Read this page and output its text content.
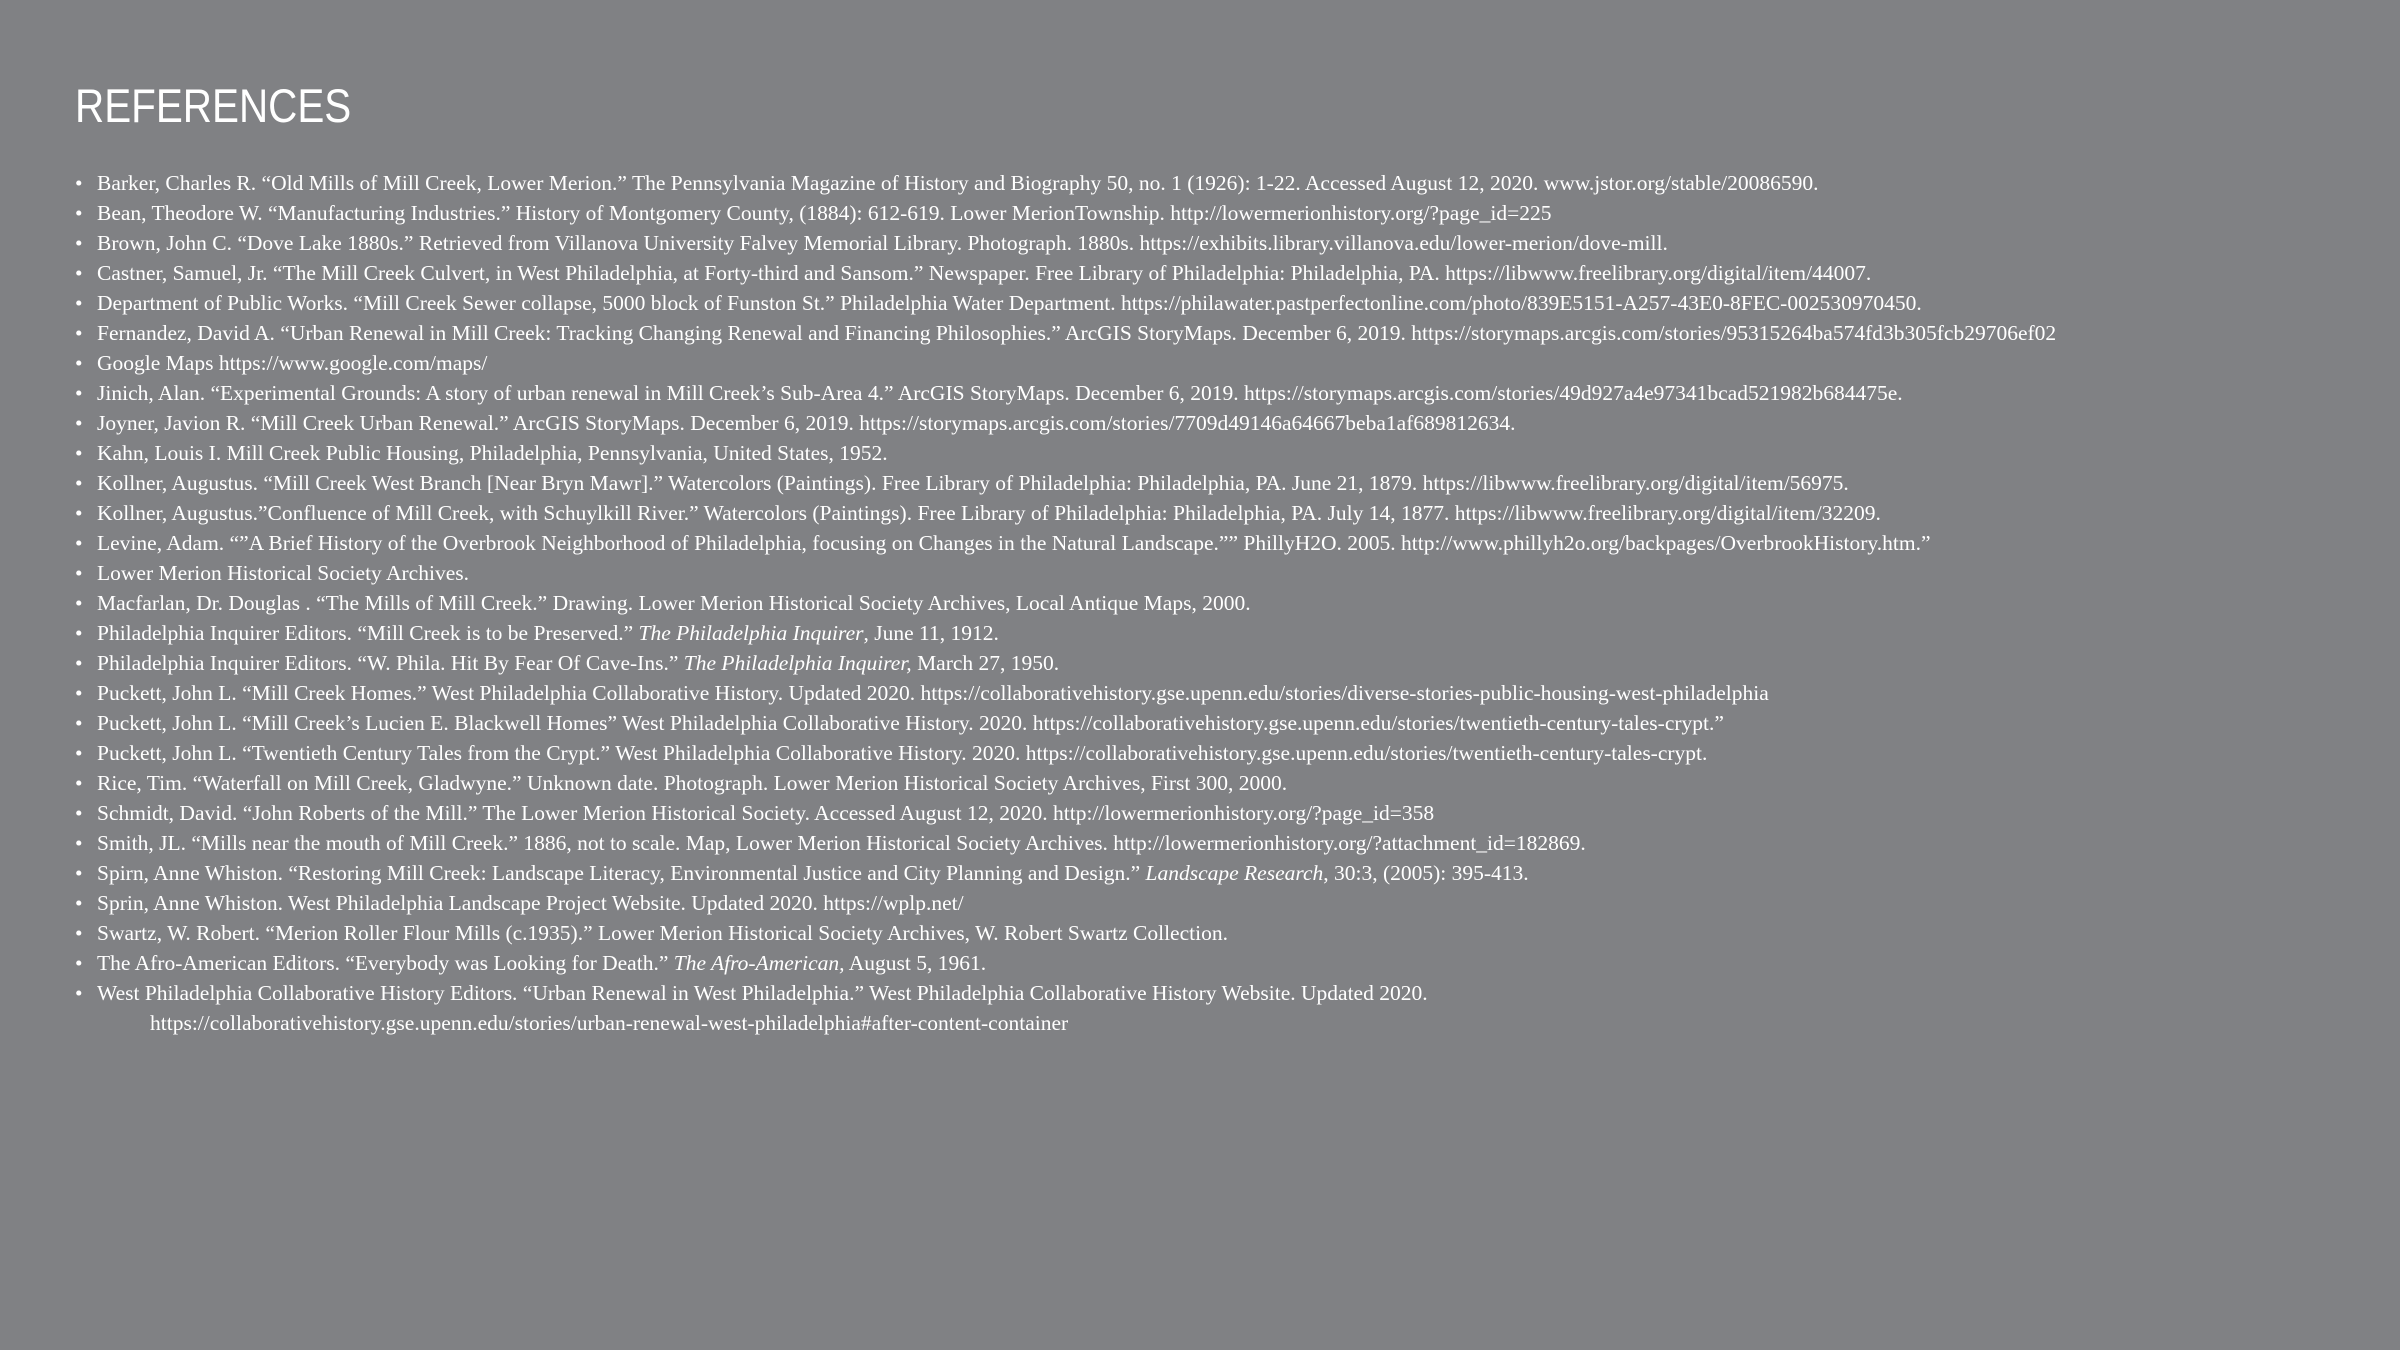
REFERENCES
• Barker, Charles R. “Old Mills of Mill Creek, Lower Merion.” The Pennsylvania Magazine of History and Biography 50, no. 1 (1926): 1-22. Accessed August 12, 2020. www.jstor.org/stable/20086590.
• Bean, Theodore W. “Manufacturing Industries.” History of Montgomery County, (1884): 612-619. Lower MerionTownship. http://lowermerionhistory.org/?page_id=225
• Brown, John C. “Dove Lake 1880s.” Retrieved from Villanova University Falvey Memorial Library. Photograph. 1880s. https://exhibits.library.villanova.edu/lower-merion/dove-mill.
• Castner, Samuel, Jr. “The Mill Creek Culvert, in West Philadelphia, at Forty-third and Sansom.” Newspaper. Free Library of Philadelphia: Philadelphia, PA. https://libwww.freelibrary.org/digital/item/44007.
• Department of Public Works. “Mill Creek Sewer collapse, 5000 block of Funston St.” Philadelphia Water Department. https://philawater.pastperfectonline.com/photo/839E5151-A257-43E0-8FEC-002530970450.
• Fernandez, David A. “Urban Renewal in Mill Creek: Tracking Changing Renewal and Financing Philosophies.” ArcGIS StoryMaps. December 6, 2019. https://storymaps.arcgis.com/stories/95315264ba574fd3b305fcb29706ef02
• Google Maps https://www.google.com/maps/
• Jinich, Alan. “Experimental Grounds: A story of urban renewal in Mill Creek’s Sub-Area 4.” ArcGIS StoryMaps. December 6, 2019. https://storymaps.arcgis.com/stories/49d927a4e97341bcad521982b684475e.
• Joyner, Javion R. “Mill Creek Urban Renewal.” ArcGIS StoryMaps. December 6, 2019. https://storymaps.arcgis.com/stories/7709d49146a64667beba1af689812634.
• Kahn, Louis I. Mill Creek Public Housing, Philadelphia, Pennsylvania, United States, 1952.
• Kollner, Augustus. “Mill Creek West Branch [Near Bryn Mawr].” Watercolors (Paintings). Free Library of Philadelphia: Philadelphia, PA. June 21, 1879. https://libwww.freelibrary.org/digital/item/56975.
• Kollner, Augustus.”Confluence of Mill Creek, with Schuylkill River.” Watercolors (Paintings). Free Library of Philadelphia: Philadelphia, PA. July 14, 1877. https://libwww.freelibrary.org/digital/item/32209.
• Levine, Adam. “”A Brief History of the Overbrook Neighborhood of Philadelphia, focusing on Changes in the Natural Landscape.”” PhillyH2O. 2005. http://www.phillyh2o.org/backpages/OverbrookHistory.htm.”
• Lower Merion Historical Society Archives.
• Macfarlan, Dr. Douglas . “The Mills of Mill Creek.” Drawing. Lower Merion Historical Society Archives, Local Antique Maps, 2000.
• Philadelphia Inquirer Editors. “Mill Creek is to be Preserved.” The Philadelphia Inquirer, June 11, 1912.
• Philadelphia Inquirer Editors. “W. Phila. Hit By Fear Of Cave-Ins.” The Philadelphia Inquirer, March 27, 1950.
• Puckett, John L. “Mill Creek Homes.” West Philadelphia Collaborative History. Updated 2020. https://collaborativehistory.gse.upenn.edu/stories/diverse-stories-public-housing-west-philadelphia
• Puckett, John L. “Mill Creek’s Lucien E. Blackwell Homes” West Philadelphia Collaborative History. 2020. https://collaborativehistory.gse.upenn.edu/stories/twentieth-century-tales-crypt.”
• Puckett, John L. “Twentieth Century Tales from the Crypt.” West Philadelphia Collaborative History. 2020. https://collaborativehistory.gse.upenn.edu/stories/twentieth-century-tales-crypt.
• Rice, Tim. “Waterfall on Mill Creek, Gladwyne.” Unknown date. Photograph. Lower Merion Historical Society Archives, First 300, 2000.
• Schmidt, David. “John Roberts of the Mill.” The Lower Merion Historical Society. Accessed August 12, 2020. http://lowermerionhistory.org/?page_id=358
• Smith, JL. “Mills near the mouth of Mill Creek.” 1886, not to scale. Map, Lower Merion Historical Society Archives. http://lowermerionhistory.org/?attachment_id=182869.
• Spirn, Anne Whiston. “Restoring Mill Creek: Landscape Literacy, Environmental Justice and City Planning and Design.” Landscape Research, 30:3, (2005): 395-413.
• Sprin, Anne Whiston. West Philadelphia Landscape Project Website. Updated 2020. https://wplp.net/
• Swartz, W. Robert. “Merion Roller Flour Mills (c.1935).” Lower Merion Historical Society Archives, W. Robert Swartz Collection.
• The Afro-American Editors. “Everybody was Looking for Death.” The Afro-American, August 5, 1961.
• West Philadelphia Collaborative History Editors. “Urban Renewal in West Philadelphia.” West Philadelphia Collaborative History Website. Updated 2020.
https://collaborativehistory.gse.upenn.edu/stories/urban-renewal-west-philadelphia#after-content-container
